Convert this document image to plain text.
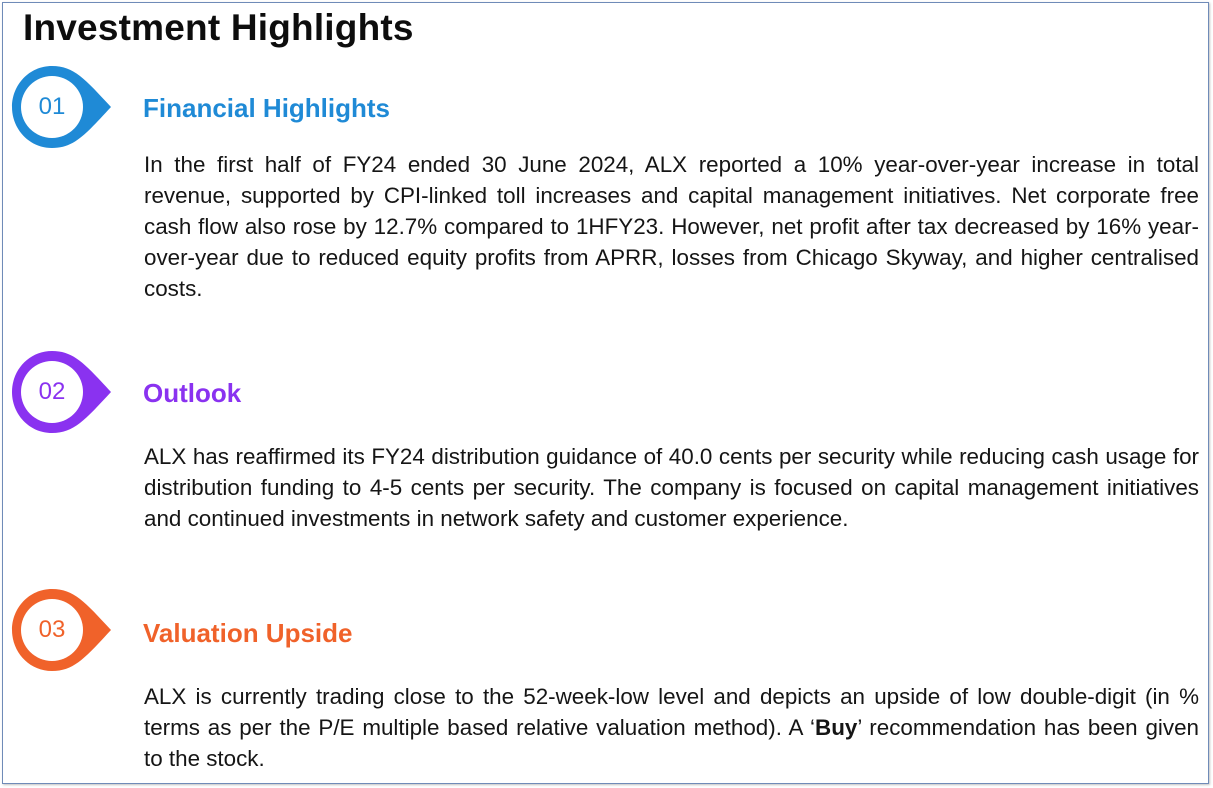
Investment Highlights
01	Financial Highlights

In the first half of FY24 ended 30 June 2024, ALX reported a 10% year-over-year increase in total revenue, supported by CPI-linked toll increases and capital management initiatives. Net corporate free cash flow also rose by 12.7% compared to 1HFY23. However, net profit after tax decreased by 16% year-over-year due to reduced equity profits from APRR, losses from Chicago Skyway, and higher centralised costs.

02	Outlook

ALX has reaffirmed its FY24 distribution guidance of 40.0 cents per security while reducing cash usage for distribution funding to 4-5 cents per security. The company is focused on capital management initiatives and continued investments in network safety and customer experience.

03	Valuation Upside

ALX is currently trading close to the 52-week-low level and depicts an upside of low double-digit (in % terms as per the P/E multiple based relative valuation method). A ‘Buy’ recommendation has been given to the stock.
